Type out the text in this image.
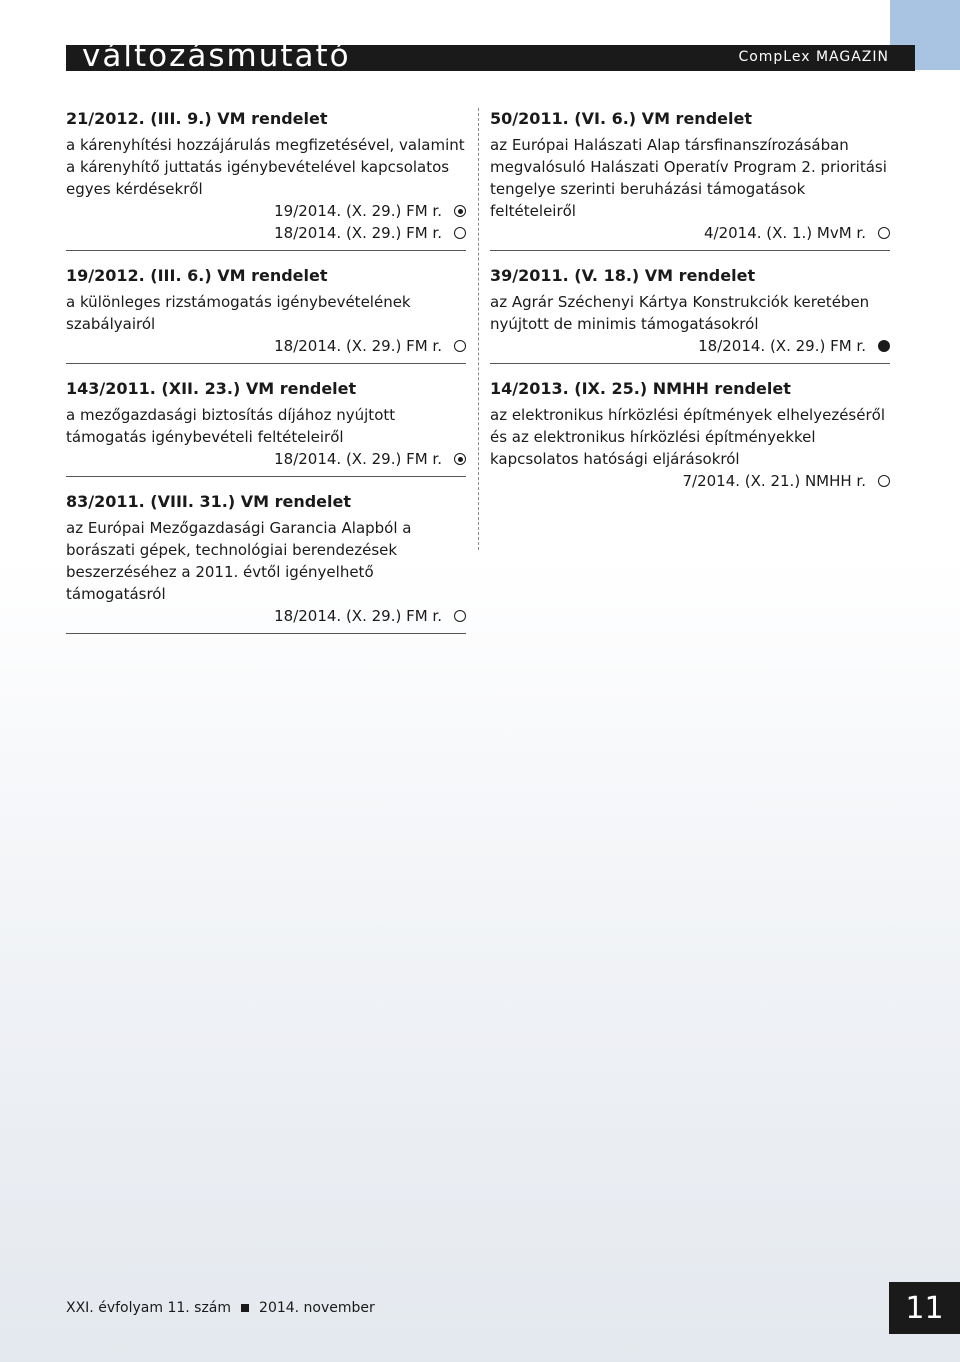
változásmutató	CompLex MAGAZIN
21/2012. (III. 9.) VM rendelet

a kárenyhítési hozzájárulás megfizetésével, valamint a kárenyhítő juttatás igénybevételével kapcsolatos egyes kérdésekről

19/2014. (X. 29.) FM r.
18/2014. (X. 29.) FM r.
19/2012. (III. 6.) VM rendelet

a különleges rizstámogatás igénybevételének szabályairól

18/2014. (X. 29.) FM r.
143/2011. (XII. 23.) VM rendelet

a mezőgazdasági biztosítás díjához nyújtott támogatás igénybevételi feltételeiről

18/2014. (X. 29.) FM r.
83/2011. (VIII. 31.) VM rendelet

az Európai Mezőgazdasági Garancia Alapból a borászati gépek, technológiai berendezések beszerzéséhez a 2011. évtől igényelhető támogatásról

18/2014. (X. 29.) FM r.
50/2011. (VI. 6.) VM rendelet

az Európai Halászati Alap társfinanszírozásában megvalósuló Halászati Operatív Program 2. prioritási tengelye szerinti beruházási támogatások feltételeiről

4/2014. (X. 1.) MvM r.
39/2011. (V. 18.) VM rendelet

az Agrár Széchenyi Kártya Konstrukciók keretében nyújtott de minimis támogatásokról

18/2014. (X. 29.) FM r.
14/2013. (IX. 25.) NMHH rendelet

az elektronikus hírközlési építmények elhelyezéséről és az elektronikus hírközlési építményekkel kapcsolatos hatósági eljárásokról

7/2014. (X. 21.) NMHH r.
XXI. évfolyam 11. szám 2014. november	11
